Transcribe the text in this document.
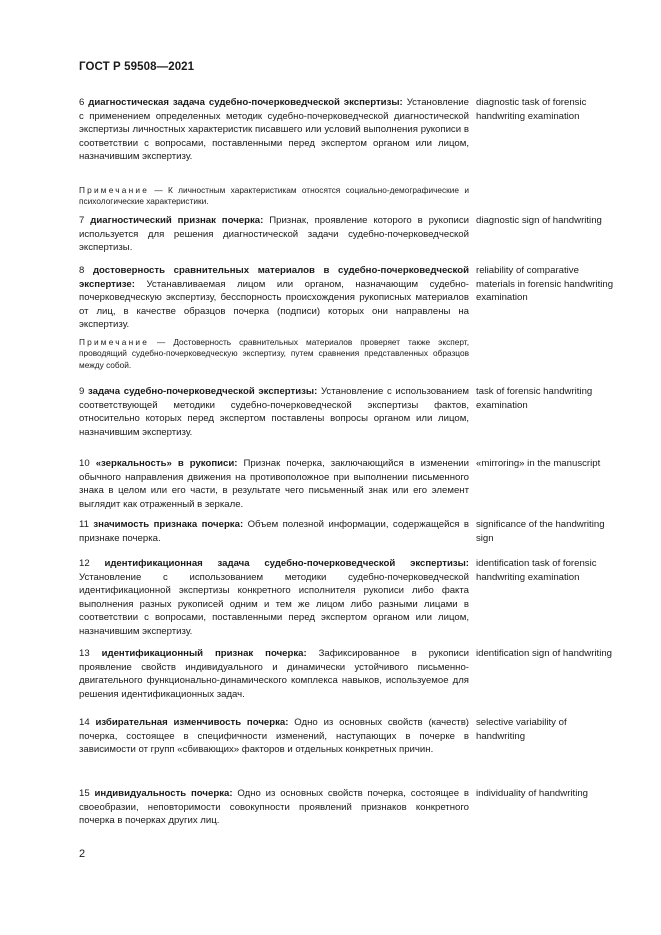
ГОСТ Р 59508—2021
6 диагностическая задача судебно-почерковедческой экспертизы: Установление с применением определенных методик судебно-почерковедческой диагностической экспертизы личностных характеристик писавшего или условий выполнения рукописи в соответствии с вопросами, поставленными перед экспертом органом или лицом, назначившим экспертизу.
diagnostic task of forensic handwriting examination
Примечание — К личностным характеристикам относятся социально-демографические и психологические характеристики.
7 диагностический признак почерка: Признак, проявление которого в рукописи используется для решения диагностической задачи судебно-почерковедческой экспертизы.
diagnostic sign of handwriting
8 достоверность сравнительных материалов в судебно-почерковедческой экспертизе: Устанавливаемая лицом или органом, назначающим судебно-почерковедческую экспертизу, бесспорность происхождения рукописных материалов от лиц, в качестве образцов почерка (подписи) которых они направлены на экспертизу.
reliability of comparative materials in forensic handwriting examination
Примечание — Достоверность сравнительных материалов проверяет также эксперт, проводящий судебно-почерковедческую экспертизу, путем сравнения представленных образцов между собой.
9 задача судебно-почерковедческой экспертизы: Установление с использованием соответствующей методики судебно-почерковедческой экспертизы фактов, относительно которых перед экспертом поставлены вопросы органом или лицом, назначившим экспертизу.
task of forensic handwriting examination
10 «зеркальность» в рукописи: Признак почерка, заключающийся в изменении обычного направления движения на противоположное при выполнении письменного знака в целом или его части, в результате чего письменный знак или его элемент выглядит как отраженный в зеркале.
«mirroring» in the manuscript
11 значимость признака почерка: Объем полезной информации, содержащейся в признаке почерка.
significance of the handwriting sign
12 идентификационная задача судебно-почерковедческой экспертизы: Установление с использованием методики судебно-почерковедческой идентификационной экспертизы конкретного исполнителя рукописи либо факта выполнения разных рукописей одним и тем же лицом либо разными лицами в соответствии с вопросами, поставленными перед экспертом органом или лицом, назначившим экспертизу.
identification task of forensic handwriting examination
13 идентификационный признак почерка: Зафиксированное в рукописи проявление свойств индивидуального и динамически устойчивого письменно-двигательного функционально-динамического комплекса навыков, используемое для решения идентификационных задач.
identification sign of handwriting
14 избирательная изменчивость почерка: Одно из основных свойств (качеств) почерка, состоящее в специфичности изменений, наступающих в почерке в зависимости от групп «сбивающих» факторов и отдельных конкретных причин.
selective variability of handwriting
15 индивидуальность почерка: Одно из основных свойств почерка, состоящее в своеобразии, неповторимости совокупности проявлений признаков конкретного почерка в почерках других лиц.
individuality of handwriting
2
